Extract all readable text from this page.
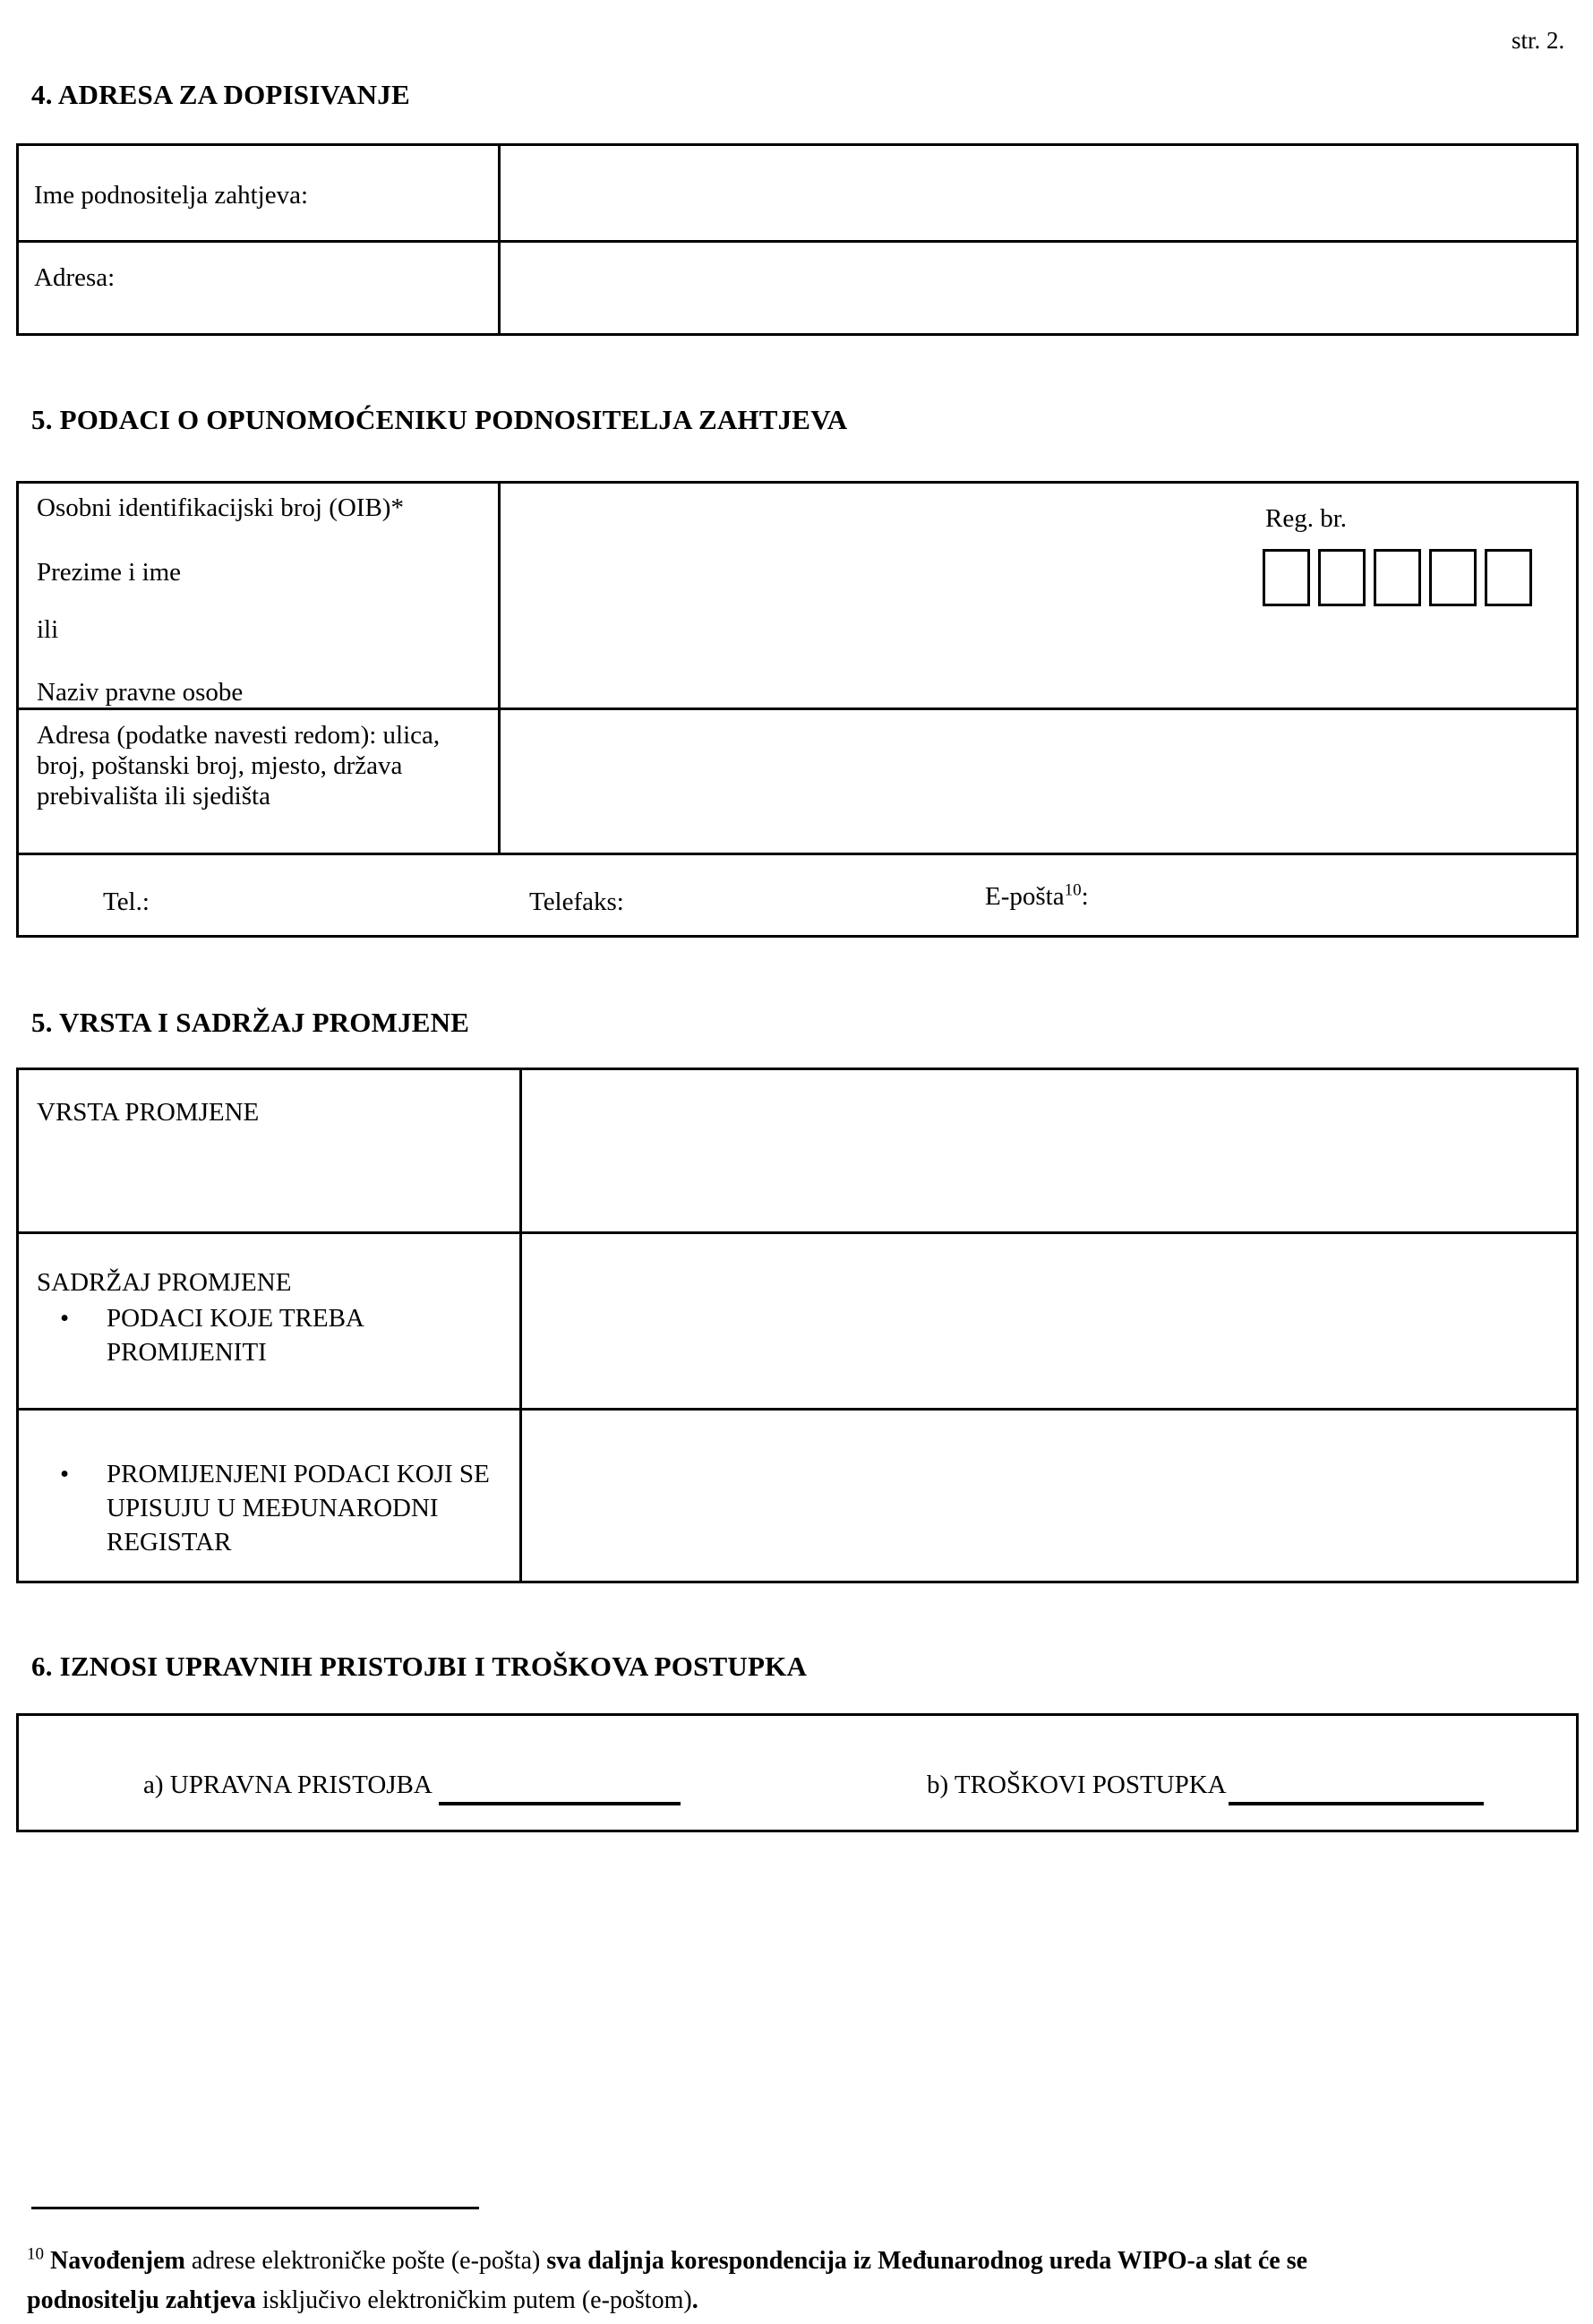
str. 2.
4. ADRESA ZA DOPISIVANJE
Ime podnositelja zahtjeva:
Adresa:
5. PODACI O OPUNOMOĆENIKU PODNOSITELJA ZAHTJEVA
Osobni identifikacijski broj (OIB)*
Prezime i ime
ili
Naziv pravne osobe
Reg. br.
Adresa (podatke navesti redom): ulica, broj, poštanski broj, mjesto, država prebivališta ili sjedišta
Tel.:	Telefaks:	E-pošta$^{10}$:
5. VRSTA I SADRŽAJ PROMJENE
VRSTA PROMJENE
SADRŽAJ PROMJENE
• PODACI KOJE TREBA PROMIJENITI
• PROMIJENJENI PODACI KOJI SE UPISUJU U MEĐUNARODNI REGISTAR
6. IZNOSI UPRAVNIH PRISTOJBI I TROŠKOVA POSTUPKA
a) UPRAVNA PRISTOJBA	b) TROŠKOVI POSTUPKA
$^{10}$ Navođenjem adrese elektroničke pošte (e-pošta) sva daljnja korespondencija iz Međunarodnog ureda WIPO-a slat će se
podnositelju zahtjeva isključivo elektroničkim putem (e-poštom).
